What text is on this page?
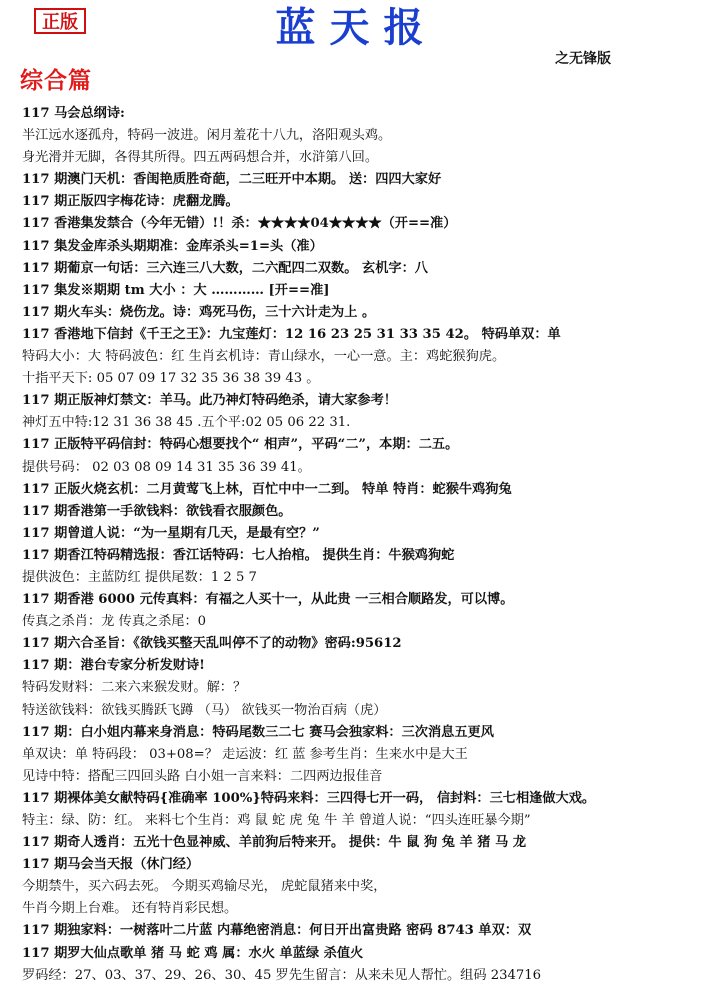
正版	蓝天报
之无锋版
综合篇
117 马会总纲诗:
半江远水逐孤舟，特码一波进。闲月羞花十八九，洛阳观头鸡。
身光滑并无脚，各得其所得。四五两码想合并，水浒第八回。
117 期澳门天机：香闺艳质胜奇葩，二三旺开中本期。 送：四四大家好
117 期正版四字梅花诗：虎翻龙腾。
117 香港集发禁合（今年无错）!！杀：★★★★04★★★★（开==准）
117 集发金库杀头期期准：金库杀头=1=头（准）
117 期葡京一句话：三六连三八大数，二六配四二双数。 玄机字：八
117 集发※期期 tm 大小 ：大 ………… [开==准]
117 期火车头：烧伤龙。诗：鸡死马伤，三十六计走为上 。
117 香港地下信封《千王之王》：九宝莲灯：12 16 23 25 31 33 35 42。 特码单双：单
特码大小：大 特码波色：红 生肖玄机诗：青山绿水，一心一意。主：鸡蛇猴狗虎。
十指平天下: 05 07 09 17 32 35 36 38 39 43 。
117 期正版神灯禁文：羊马。此乃神灯特码绝杀，请大家参考！
神灯五中特:12 31 36 38 45 .五个平:02 05 06 22 31.
117 正版特平码信封：特码心想要找个“ 相声”，平码“二”，本期：二五。
提供号码： 02 03 08 09 14 31 35 36 39 41。
117 正版火烧玄机：二月黄莺飞上林，百忙中中一二到。 特单 特肖：蛇猴牛鸡狗兔
117 期香港第一手欲钱料：欲钱看衣服颜色。
117 期曾道人说：“为一星期有几天，是最有空？”
117 期香江特码精选报：香江话特码：七人抬棺。 提供生肖：牛猴鸡狗蛇
提供波色：主蓝防红 提供尾数：1 2 5 7
117 期香港 6000 元传真料：有福之人买十一，从此贵 一三相合顺路发，可以博。
传真之杀肖：龙 传真之杀尾：0
117 期六合圣旨：《欲钱买整天乱叫停不了的动物》密码:95612
117 期：港台专家分析发财诗!
特码发财料：二来六来猴发财。解：？
特送欲钱料：欲钱买腾跃飞蹲 （马） 欲钱买一物治百病（虎）
117 期：白小姐内幕来身消息：特码尾数三二七 赛马会独家料：三次消息五更风
单双诀：单 特码段： 03+08=？ 走运波：红 蓝 参考生肖：生来水中是大王
见诗中特：搭配三四回头路 白小姐一言来料：二四两边报佳音
117 期裸体美女献特码{准确率 100%}特码来料：三四得七开一码， 信封料：三七相逢做大戏。
特主：绿、防：红。 来料七个生肖：鸡 鼠 蛇 虎 兔 牛 羊 曾道人说：“四头连旺暴今期”
117 期奇人透肖：五光十色显神威、羊前狗后特来开。 提供：牛 鼠 狗 兔 羊 猪 马 龙
117 期马会当天报（休门经）
今期禁牛，买六码去死。 今期买鸡输尽光， 虎蛇鼠猪来中奖，
牛肖今期上台难。 还有特肖彩民想。
117 期独家料：一树落叶二片蓝 内幕绝密消息：何日开出富贵路 密码 8743 单双：双
117 期罗大仙点歌单 猪 马 蛇 鸡 属：水火 单蓝绿 杀值火
罗码经：27、03、37、29、26、30、45 罗先生留言：从来未见人帮忙。组码 234716
